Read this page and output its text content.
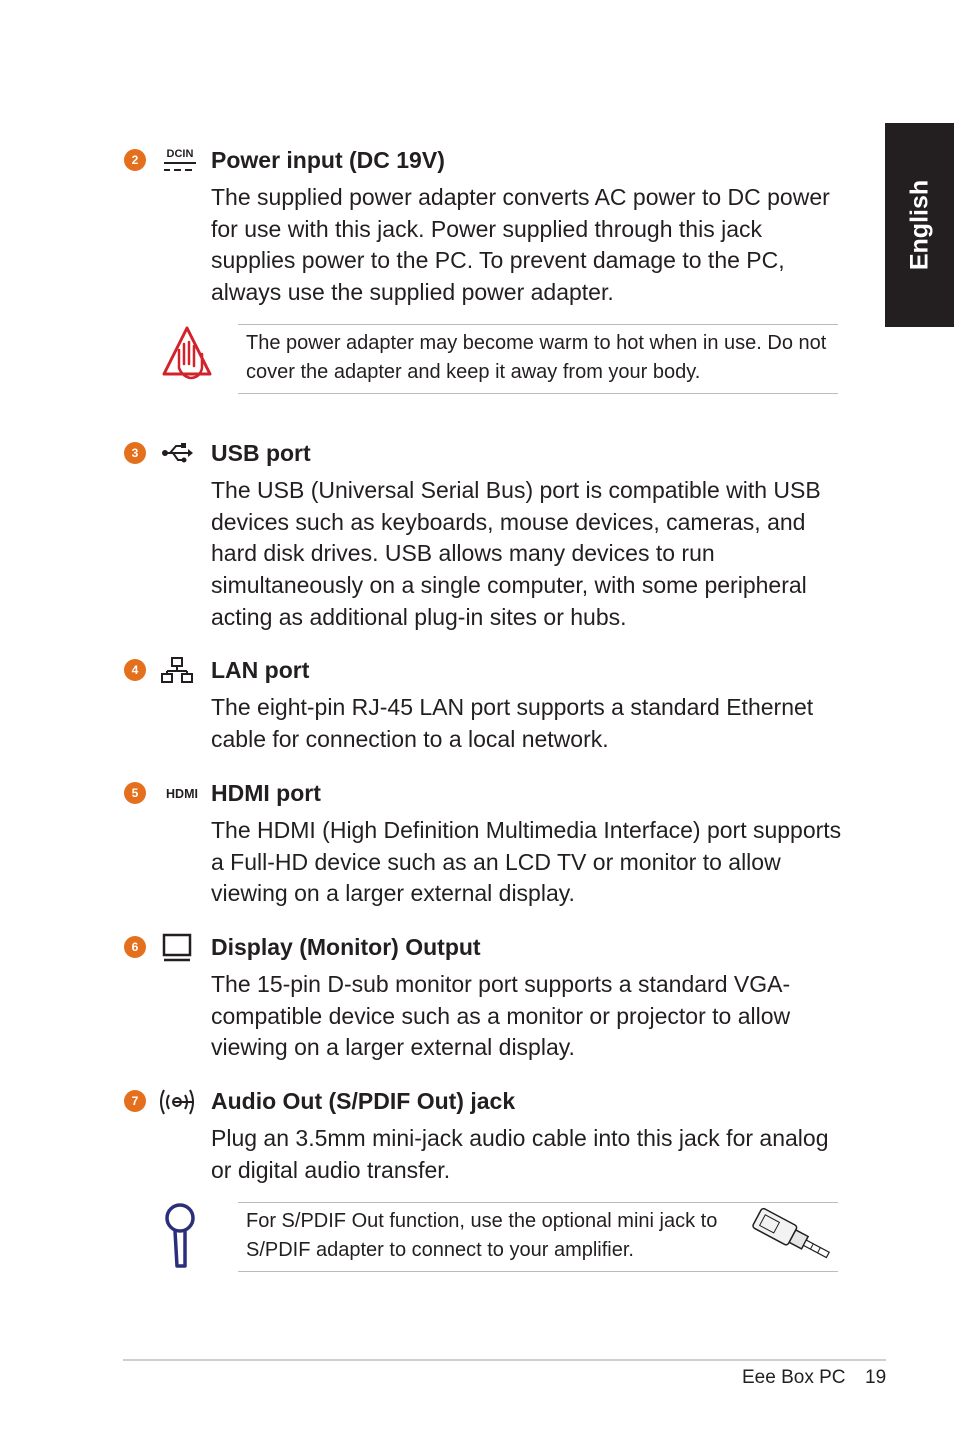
English
2	DCIN Power input (DC 19V)

The supplied power adapter converts AC power to DC power for use with this jack. Power supplied through this jack supplies power to the PC. To prevent damage to the PC, always use the supplied power adapter.

The power adapter may become warm to hot when in use. Do not cover the adapter and keep it away from your body.

3	USB port

The USB (Universal Serial Bus) port is compatible with USB devices such as keyboards, mouse devices, cameras, and hard disk drives. USB allows many devices to run simultaneously on a single computer, with some peripheral acting as additional plug-in sites or hubs.

4	LAN port

The eight-pin RJ-45 LAN port supports a standard Ethernet cable for connection to a local network.

5	HDMI HDMI port

The HDMI (High Definition Multimedia Interface) port supports a Full-HD device such as an LCD TV or monitor to allow viewing on a larger external display.

6	Display (Monitor) Output

The 15-pin D-sub monitor port supports a standard VGA-compatible device such as a monitor or projector to allow viewing on a larger external display.

7	Audio Out (S/PDIF Out) jack

Plug an 3.5mm mini-jack audio cable into this jack for analog or digital audio transfer.

For S/PDIF Out function, use the optional mini jack to S/PDIF adapter to connect to your amplifier.

Eee Box PC 19
